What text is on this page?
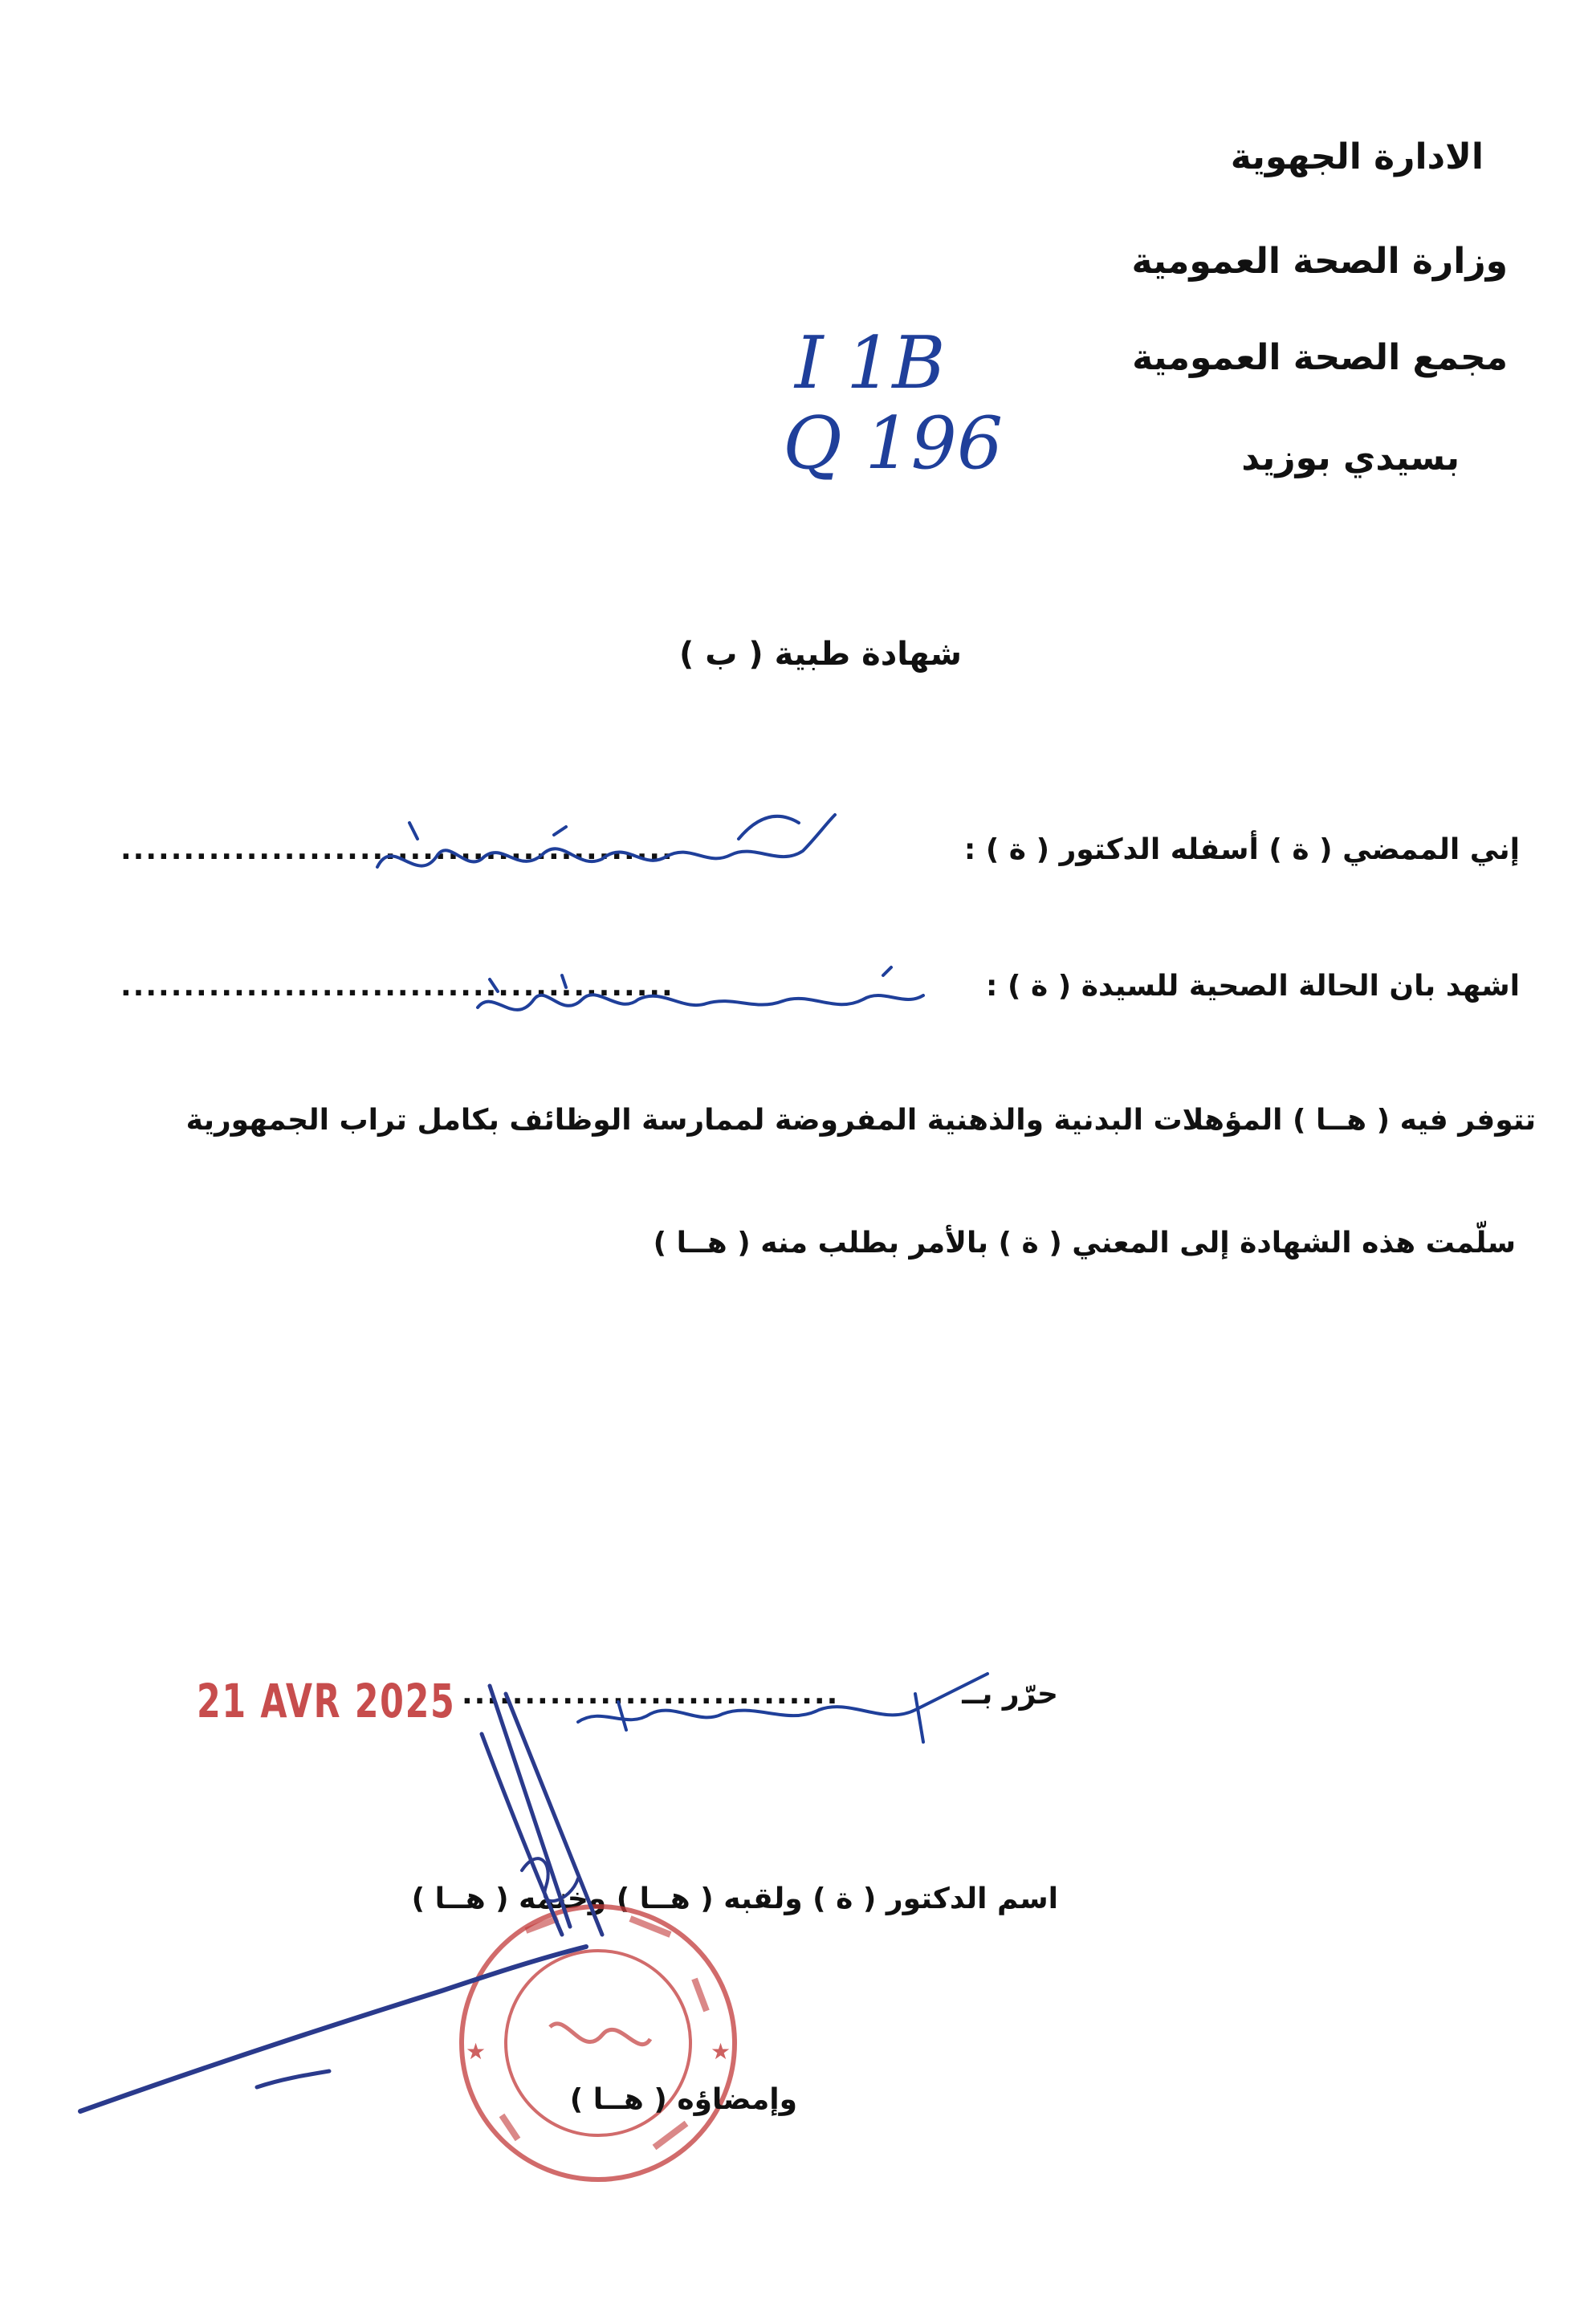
الادارة الجهوية
وزارة الصحة العمومية
مجمع الصحة العمومية
بسيدي بوزيد
I 1B
Q 196
شهادة طبية ( ب )
إني الممضي ( ة ) أسفله الدكتور ( ة ) :
............................................
اشهد بان الحالة الصحية للسيدة ( ة ) :
............................................
تتوفر فيه ( هــا ) المؤهلات البدنية والذهنية المفروضة لممارسة الوظائف بكامل تراب الجمهورية
سلّمت هذه الشهادة إلى المعني ( ة ) بالأمر بطلب منه ( هــا )
حرّر بــ
..............................
21 AVR 2025
اسم الدكتور ( ة ) ولقبه ( هــا ) وختمه ( هــا )
★	★
وإمضاؤه ( هــا )
